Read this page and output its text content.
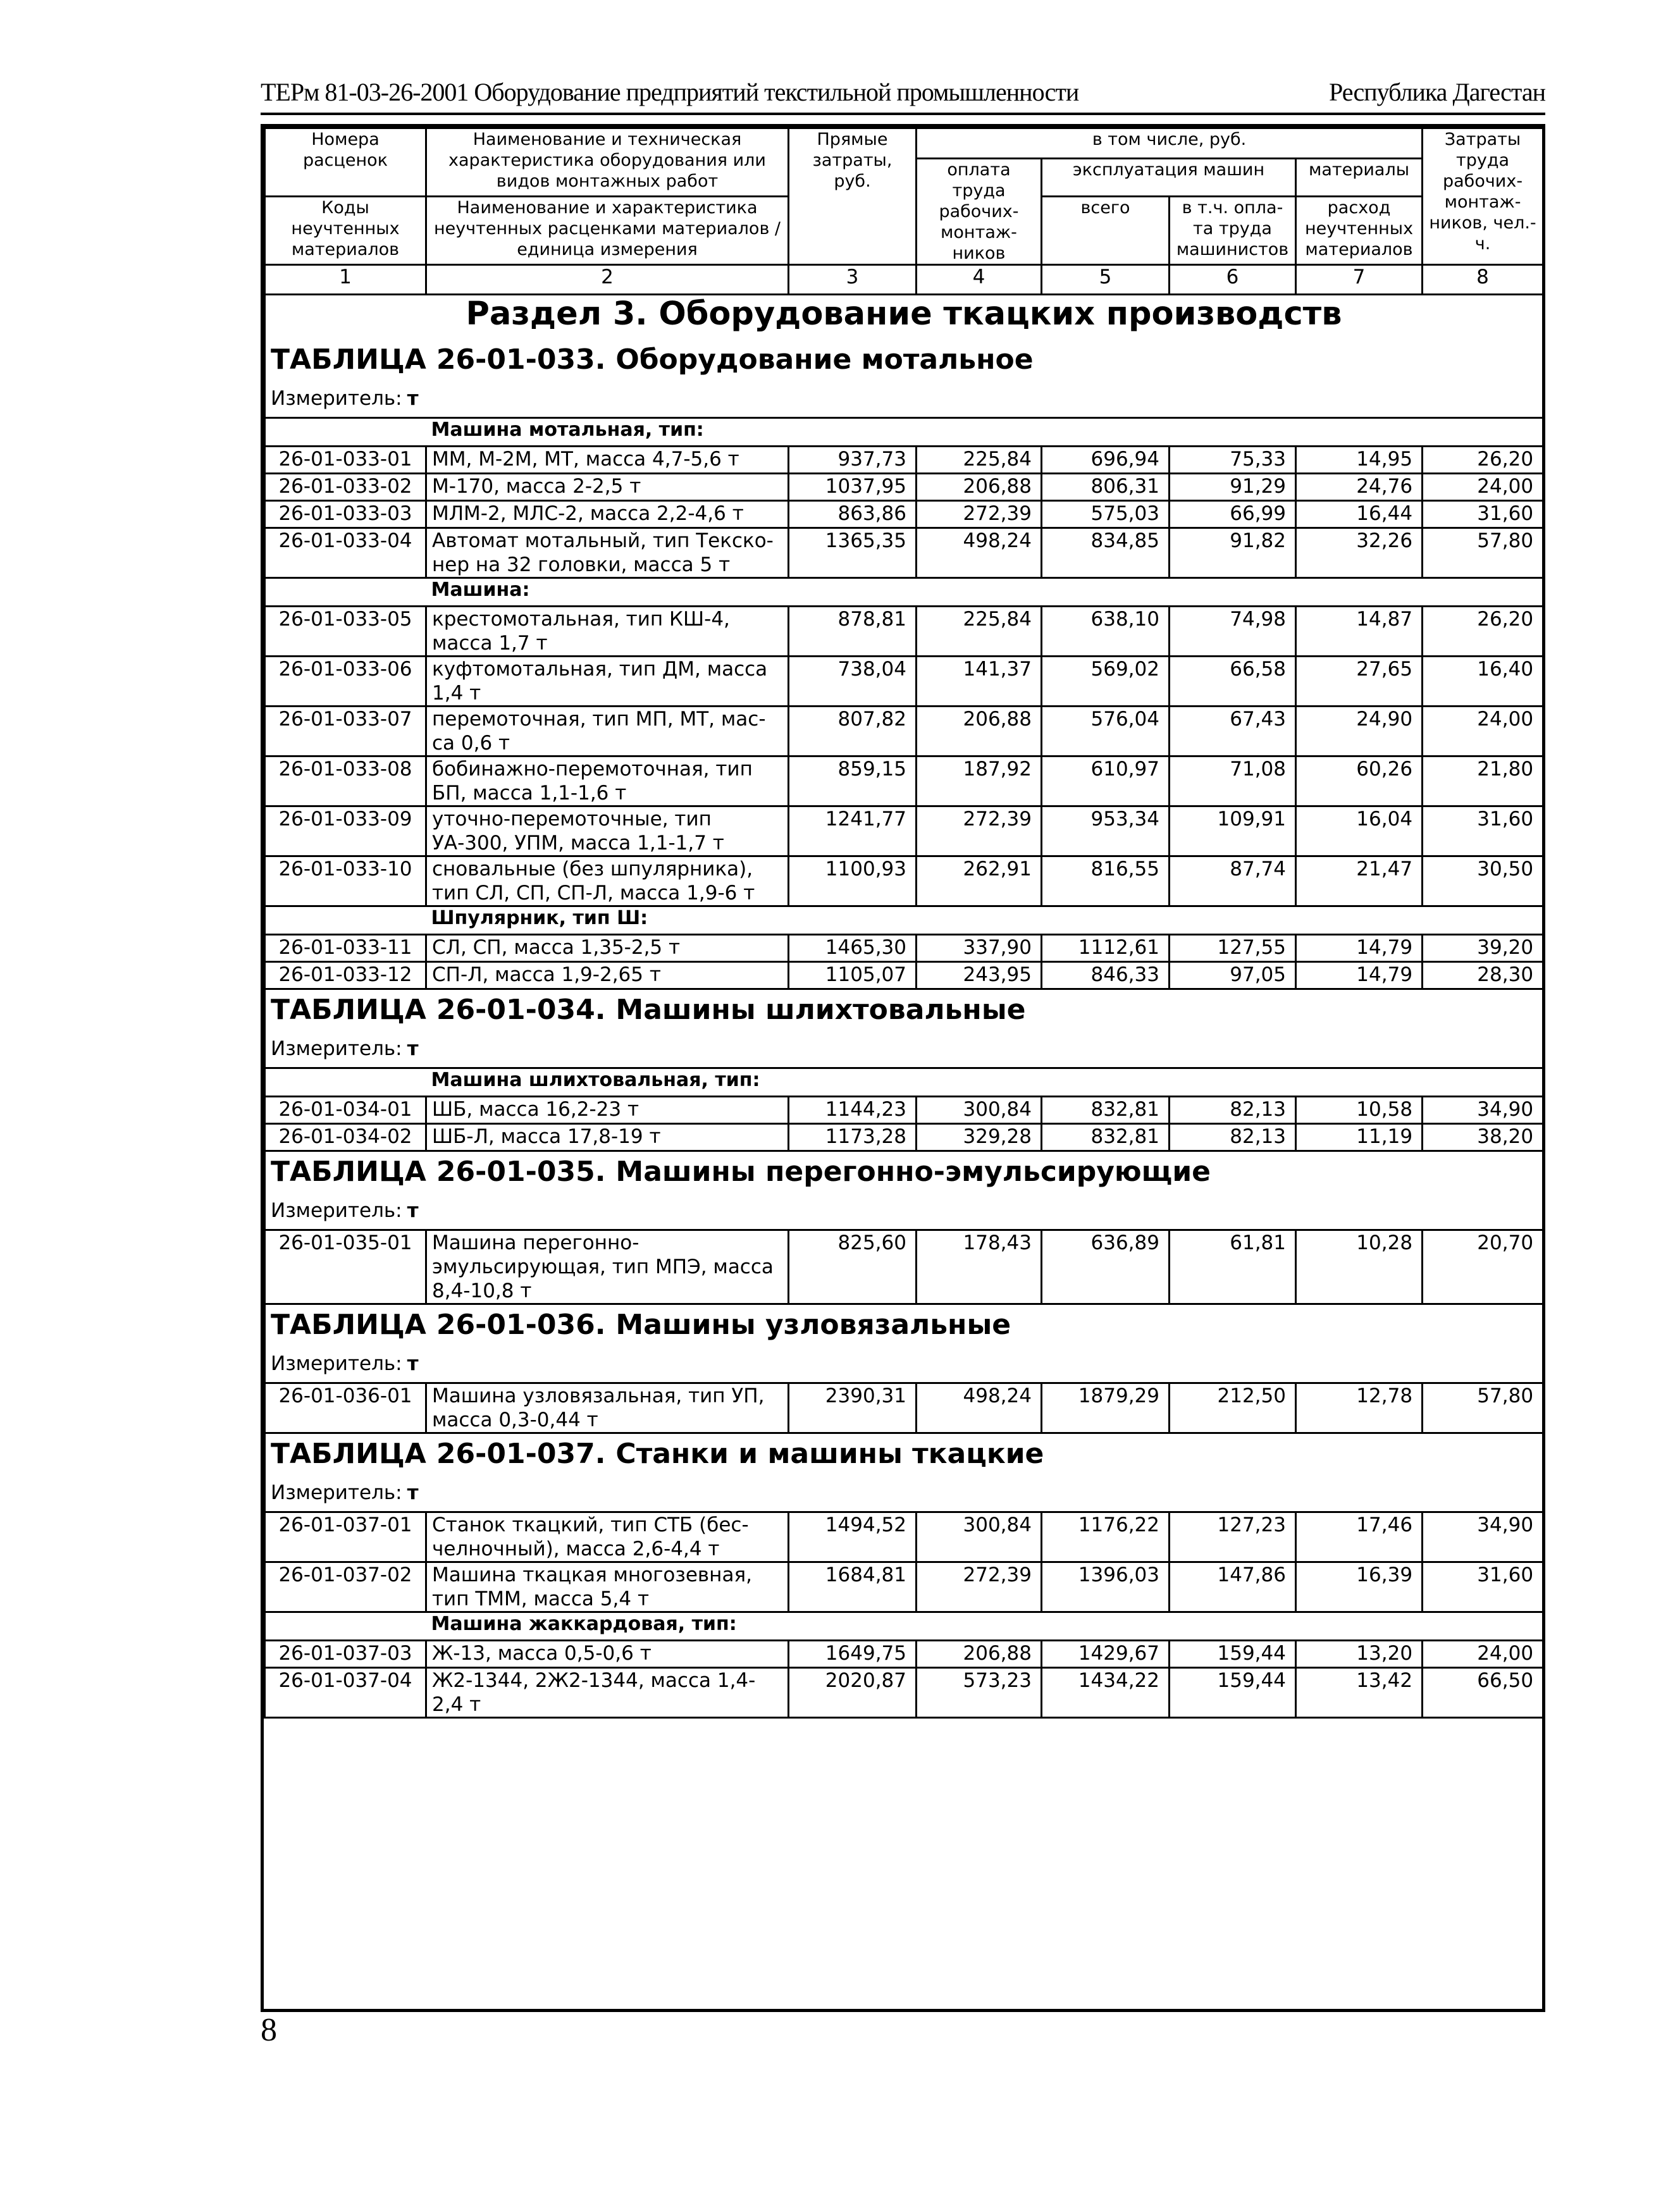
ТЕРм 81-03-26-2001 Оборудование предприятий текстильной промышленности	Республика Дагестан
Номера расценок	Наименование и техническая характеристика оборудования или видов монтажных работ	Прямые затраты, руб.	в том числе, руб.				Затраты труда рабочих-монтаж-ников, чел.-ч.
			оплата труда рабочих-монтаж-ников	эксплуатация машин		материалы	
Коды неучтенных материалов	Наименование и характеристика неучтенных расценками материалов / единица измерения			всего	в т.ч. опла-та труда машинистов	расход неучтенных материалов	

1	2	3	4	5	6	7	8
Раздел 3. Оборудование ткацких производств							
ТАБЛИЦА 26-01-033. Оборудование мотальное							
Измеритель: т							
	Машина мотальная, тип:						
26-01-033-01	ММ, М-2М, МТ, масса 4,7-5,6 т	937,73	225,84	696,94	75,33	14,95	26,20
26-01-033-02	М-170, масса 2-2,5 т	1037,95	206,88	806,31	91,29	24,76	24,00
26-01-033-03	МЛМ-2, МЛС-2, масса 2,2-4,6 т	863,86	272,39	575,03	66,99	16,44	31,60
26-01-033-04	Автомат мотальный, тип Текско-нер на 32 головки, масса 5 т	1365,35	498,24	834,85	91,82	32,26	57,80
	Машина:						
26-01-033-05	крестомотальная, тип КШ-4, масса 1,7 т	878,81	225,84	638,10	74,98	14,87	26,20
26-01-033-06	куфтомотальная, тип ДМ, масса 1,4 т	738,04	141,37	569,02	66,58	27,65	16,40
26-01-033-07	перемоточная, тип МП, МТ, мас-са 0,6 т	807,82	206,88	576,04	67,43	24,90	24,00
26-01-033-08	бобинажно-перемоточная, тип БП, масса 1,1-1,6 т	859,15	187,92	610,97	71,08	60,26	21,80
26-01-033-09	уточно-перемоточные, тип УА-300, УПМ, масса 1,1-1,7 т	1241,77	272,39	953,34	109,91	16,04	31,60
26-01-033-10	сновальные (без шпулярника), тип СЛ, СП, СП-Л, масса 1,9-6 т	1100,93	262,91	816,55	87,74	21,47	30,50
	Шпулярник, тип Ш:						
26-01-033-11	СЛ, СП, масса 1,35-2,5 т	1465,30	337,90	1112,61	127,55	14,79	39,20
26-01-033-12	СП-Л, масса 1,9-2,65 т	1105,07	243,95	846,33	97,05	14,79	28,30
ТАБЛИЦА 26-01-034. Машины шлихтовальные							
Измеритель: т							
	Машина шлихтовальная, тип:						
26-01-034-01	ШБ, масса 16,2-23 т	1144,23	300,84	832,81	82,13	10,58	34,90
26-01-034-02	ШБ-Л, масса 17,8-19 т	1173,28	329,28	832,81	82,13	11,19	38,20
ТАБЛИЦА 26-01-035. Машины перегонно-эмульсирующие							
Измеритель: т							
26-01-035-01	Машина перегонно-эмульсирующая, тип МПЭ, масса 8,4-10,8 т	825,60	178,43	636,89	61,81	10,28	20,70
ТАБЛИЦА 26-01-036. Машины узловязальные							
Измеритель: т							
26-01-036-01	Машина узловязальная, тип УП, масса 0,3-0,44 т	2390,31	498,24	1879,29	212,50	12,78	57,80
ТАБЛИЦА 26-01-037. Станки и машины ткацкие							
Измеритель: т							
26-01-037-01	Станок ткацкий, тип СТБ (бес-челночный), масса 2,6-4,4 т	1494,52	300,84	1176,22	127,23	17,46	34,90
26-01-037-02	Машина ткацкая многозевная, тип ТММ, масса 5,4 т	1684,81	272,39	1396,03	147,86	16,39	31,60
	Машина жаккардовая, тип:						
26-01-037-03	Ж-13, масса 0,5-0,6 т	1649,75	206,88	1429,67	159,44	13,20	24,00
26-01-037-04	Ж2-1344, 2Ж2-1344, масса 1,4-2,4 т	2020,87	573,23	1434,22	159,44	13,42	66,50
8
